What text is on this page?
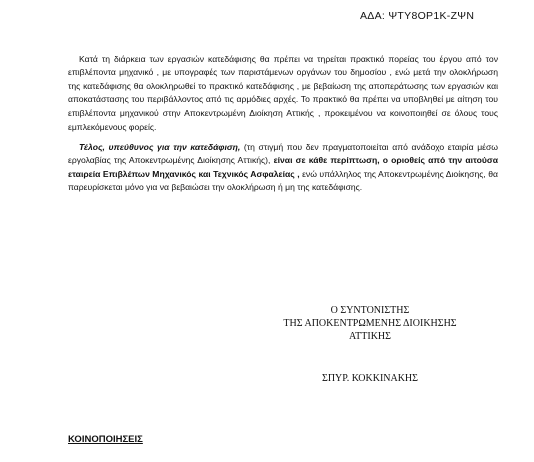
ΑΔΑ: ΨΤΥ8ΟΡ1Κ-ΖΨΝ

Κατά τη διάρκεια των εργασιών κατεδάφισης θα πρέπει να τηρείται πρακτικό πορείας του έργου από τον επιβλέποντα μηχανικό , με υπογραφές των παριστάμενων οργάνων του δημοσίου , ενώ μετά την ολοκλήρωση της κατεδάφισης θα ολοκληρωθεί το πρακτικό κατεδάφισης , με βεβαίωση της αποπεράτωσης των εργασιών και αποκατάστασης του περιβάλλοντος από τις αρμόδιες αρχές. Το πρακτικό θα πρέπει να υποβληθεί με αίτηση του επιβλέποντα μηχανικού στην Αποκεντρωμένη Διοίκηση Αττικής , προκειμένου να κοινοποιηθεί σε όλους τους εμπλεκόμενους φορείς.

Τέλος, υπεύθυνος για την κατεδάφιση, (τη στιγμή που δεν πραγματοποιείται από ανάδοχο εταιρία μέσω εργολαβίας της Αποκεντρωμένης Διοίκησης Αττικής), είναι σε κάθε περίπτωση, ο οριοθείς από την αιτούσα εταιρεία Επιβλέπων Μηχανικός και Τεχνικός Ασφαλείας , ενώ υπάλληλος της Αποκεντρωμένης Διοίκησης, θα παρευρίσκεται μόνο για να βεβαιώσει την ολοκλήρωση ή μη της κατεδάφισης.

Ο ΣΥΝΤΟΝΙΣΤΗΣ
ΤΗΣ ΑΠΟΚΕΝΤΡΩΜΕΝΗΣ ΔΙΟΙΚΗΣΗΣ
ΑΤΤΙΚΗΣ
ΣΠΥΡ. ΚΟΚΚΙΝΑΚΗΣ
ΚΟΙΝΟΠΟΙΗΣΕΙΣ
